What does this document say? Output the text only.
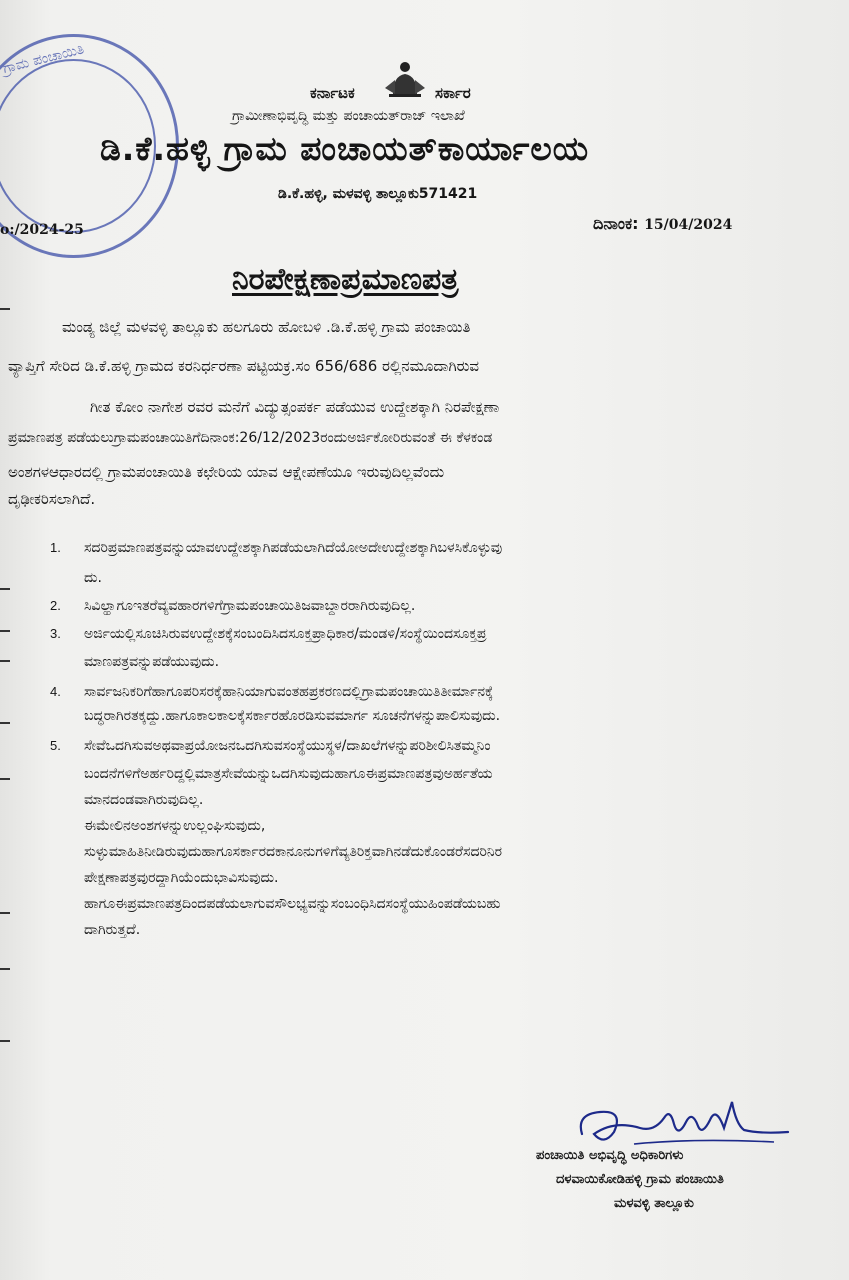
ಗ್ರಾಮ ಪಂಚಾಯಿತಿ
ಕರ್ನಾಟಕ	ಸರ್ಕಾರ
ಗ್ರಾಮೀಣಾಭಿವೃದ್ಧಿ ಮತ್ತು ಪಂಚಾಯತ್‌ರಾಜ್ ಇಲಾಖೆ
ಡಿ.ಕೆ.ಹಳ್ಳಿ ಗ್ರಾಮ ಪಂಚಾಯತ್‌ಕಾರ್ಯಾಲಯ
ಡಿ.ಕೆ.ಹಳ್ಳಿ, ಮಳವಳ್ಳಿ ತಾಲ್ಲೂಕು571421
o:/2024-25	ದಿನಾಂಕ: 15/04/2024
ನಿರಪೇಕ್ಷಣಾಪ್ರಮಾಣಪತ್ರ
ಮಂಡ್ಯ ಜಿಲ್ಲೆ ಮಳವಳ್ಳಿ ತಾಲ್ಲೂಕು ಹಲಗೂರು ಹೋಬಳಿ .ಡಿ.ಕೆ.ಹಳ್ಳಿ ಗ್ರಾಮ ಪಂಚಾಯಿತಿ
ವ್ಯಾಪ್ತಿಗೆ ಸೇರಿದ ಡಿ.ಕೆ.ಹಳ್ಳಿ ಗ್ರಾಮದ ಕರನಿರ್ಧರಣಾ ಪಟ್ಟಿಯಕ್ರ.ಸಂ 656/686 ರಲ್ಲಿನಮೂದಾಗಿರುವ
ಗೀತ ಕೋಂ ನಾಗೇಶ ರವರ ಮನೆಗೆ ವಿದ್ಯುತ್ಸಂಪರ್ಕ ಪಡೆಯುವ ಉದ್ದೇಶಕ್ಕಾಗಿ ನಿರಪೇಕ್ಷಣಾ
ಪ್ರಮಾಣಪತ್ರ ಪಡೆಯಲುಗ್ರಾಮಪಂಚಾಯಿತಿಗೆದಿನಾಂಕ:26/12/2023ರಂದುಅರ್ಜಿಕೋರಿರುವಂತೆ ಈ ಕೆಳಕಂಡ
ಅಂಶಗಳಆಧಾರದಲ್ಲಿ ಗ್ರಾಮಪಂಚಾಯಿತಿ ಕಛೇರಿಯ ಯಾವ ಆಕ್ಷೇಪಣೆಯೂ ಇರುವುದಿಲ್ಲವೆಂದು
ದೃಢೀಕರಿಸಲಾಗಿದೆ.
1. ಸದರಿಪ್ರಮಾಣಪತ್ರವನ್ನುಯಾವಉದ್ದೇಶಕ್ಕಾಗಿಪಡೆಯಲಾಗಿದೆಯೋಅದೇಉದ್ದೇಶಕ್ಕಾಗಿಬಳಸಿಕೊಳ್ಳುವು
ದು.
2. ಸಿವಿಲ್ಹಾಗೂಇತರೆವ್ಯವಹಾರಗಳಿಗೆಗ್ರಾಮಪಂಚಾಯಿತಿಜವಾಬ್ದಾರರಾಗಿರುವುದಿಲ್ಲ.
3. ಅರ್ಜಿಯಲ್ಲಿಸೂಚಿಸಿರುವಉದ್ದೇಶಕ್ಕೆಸಂಬಂದಿಸಿದಸೂಕ್ತಪ್ರಾಧಿಕಾರ/ಮಂಡಳಿ/ಸಂಸ್ಥೆಯಿಂದಸೂಕ್ತಪ್ರ
ಮಾಣಪತ್ರವನ್ನುಪಡೆಯುವುದು.
4. ಸಾರ್ವಜನಿಕರಿಗೆಹಾಗೂಪರಿಸರಕ್ಕೆಹಾನಿಯಾಗುವಂತಹಪ್ರಕರಣದಲ್ಲಿಗ್ರಾಮಪಂಚಾಯಿತಿತೀರ್ಮಾನಕ್ಕೆ
ಬದ್ಧರಾಗಿರತಕ್ಕದ್ದು.ಹಾಗೂಕಾಲಕಾಲಕ್ಕೆಸರ್ಕಾರಹೊರಡಿಸುವಮಾರ್ಗ ಸೂಚನೆಗಳನ್ನುಪಾಲಿಸುವುದು.
5. ಸೇವೆಒದಗಿಸುವಅಥವಾಪ್ರಯೋಜನಒದಗಿಸುವಸಂಸ್ಥೆಯುಸ್ಥಳ/ದಾಖಲೆಗಳನ್ನುಪರಿಶೀಲಿಸಿತಮ್ಮನಿಂ
ಬಂದನೆಗಳಿಗೆಅರ್ಹರಿದ್ದಲ್ಲಿಮಾತ್ರಸೇವೆಯನ್ನುಒದಗಿಸುವುದುಹಾಗೂಈಪ್ರಮಾಣಪತ್ರವುಅರ್ಹತೆಯ
ಮಾನದಂಡವಾಗಿರುವುದಿಲ್ಲ.
ಈಮೇಲಿನಅಂಶಗಳನ್ನುಉಲ್ಲಂಘಿಸುವುದು,
ಸುಳ್ಳುಮಾಹಿತಿನೀಡಿರುವುದುಹಾಗೂಸರ್ಕಾರದಕಾನೂನುಗಳಿಗೆವ್ಯತಿರಿಕ್ತವಾಗಿನಡೆದುಕೊಂಡರೆಸದರಿನಿರ
ಪೇಕ್ಷಣಾಪತ್ರವುರದ್ದಾಗಿಯೆಂದುಭಾವಿಸುವುದು.
ಹಾಗೂಈಪ್ರಮಾಣಪತ್ರದಿಂದಪಡೆಯಲಾಗುವಸೌಲಭ್ಯವನ್ನುಸಂಬಂಧಿಸಿದಸಂಸ್ಥೆಯುಹಿಂಪಡೆಯಬಹು
ದಾಗಿರುತ್ತದೆ.
ಪಂಚಾಯಿತಿ ಅಭಿವೃದ್ಧಿ ಅಧಿಕಾರಿಗಳು
ದಳವಾಯಿಕೋಡಿಹಳ್ಳಿ ಗ್ರಾಮ ಪಂಚಾಯಿತಿ
ಮಳವಳ್ಳಿ ತಾಲ್ಲೂಕು
